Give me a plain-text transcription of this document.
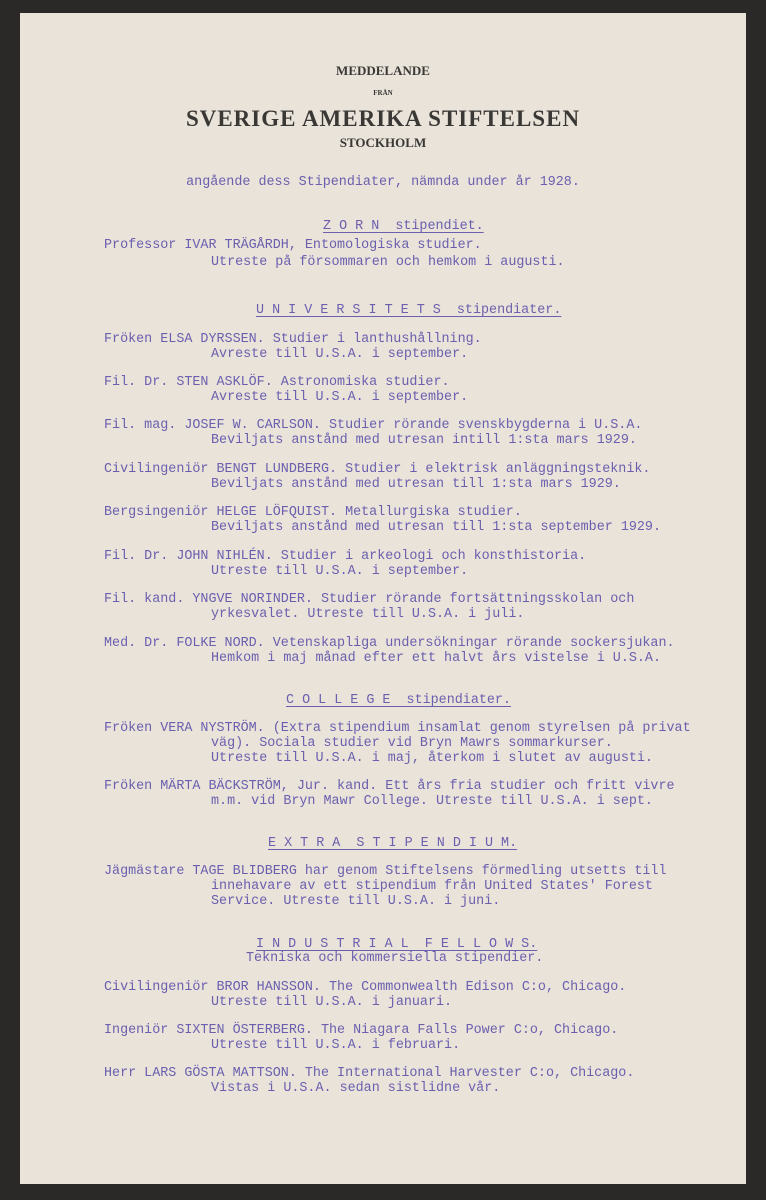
MEDDELANDE
FRÅN
SVERIGE AMERIKA STIFTELSEN
STOCKHOLM
angående dess Stipendiater, nämnda under år 1928.
Z O R N  stipendiet.
Professor IVAR TRÄGÅRDH, Entomologiska studier.
Utreste på försommaren och hemkom i augusti.
U N I V E R S I T E T S  stipendiater.
Fröken ELSA DYRSSEN. Studier i lanthushållning.
Avreste till U.S.A. i september.
Fil. Dr. STEN ASKLÖF. Astronomiska studier.
Avreste till U.S.A. i september.
Fil. mag. JOSEF W. CARLSON. Studier rörande svenskbygderna i U.S.A.
Beviljats anstånd med utresan intill 1:sta mars 1929.
Civilingeniör BENGT LUNDBERG. Studier i elektrisk anläggningsteknik.
Beviljats anstånd med utresan till 1:sta mars 1929.
Bergsingeniör HELGE LÖFQUIST. Metallurgiska studier.
Beviljats anstånd med utresan till 1:sta september 1929.
Fil. Dr. JOHN NIHLÉN. Studier i arkeologi och konsthistoria.
Utreste till U.S.A. i september.
Fil. kand. YNGVE NORINDER. Studier rörande fortsättningsskolan och
yrkesvalet. Utreste till U.S.A. i juli.
Med. Dr. FOLKE NORD. Vetenskapliga undersökningar rörande sockersjukan.
Hemkom i maj månad efter ett halvt års vistelse i U.S.A.
C O L L E G E  stipendiater.
Fröken VERA NYSTRÖM. (Extra stipendium insamlat genom styrelsen på privat
väg). Sociala studier vid Bryn Mawrs sommarkurser.
Utreste till U.S.A. i maj, återkom i slutet av augusti.
Fröken MÄRTA BÄCKSTRÖM, Jur. kand. Ett års fria studier och fritt vivre
m.m. vid Bryn Mawr College. Utreste till U.S.A. i sept.
E X T R A  S T I P E N D I U M.
Jägmästare TAGE BLIDBERG har genom Stiftelsens förmedling utsetts till
innehavare av ett stipendium från United States' Forest
Service. Utreste till U.S.A. i juni.
I N D U S T R I A L  F E L L O W S.
Tekniska och kommersiella stipendier.
Civilingeniör BROR HANSSON. The Commonwealth Edison C:o, Chicago.
Utreste till U.S.A. i januari.
Ingeniör SIXTEN ÖSTERBERG. The Niagara Falls Power C:o, Chicago.
Utreste till U.S.A. i februari.
Herr LARS GÖSTA MATTSON. The International Harvester C:o, Chicago.
Vistas i U.S.A. sedan sistlidne vår.
